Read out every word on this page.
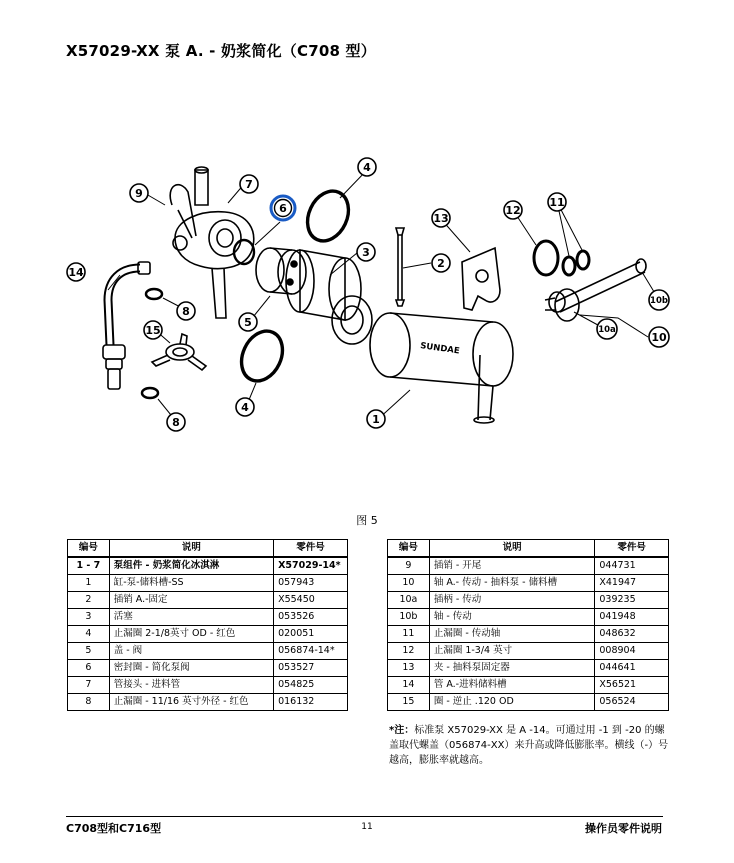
X57029-XX 泵 A. - 奶浆简化（C708 型）
SUNDAE
1
2
3
4
4
5
6
7
8
8
9
10
10a
10b
11
12
13
14
15
图 5
编号	说明	零件号
1 - 7	泵组件 - 奶浆简化冰淇淋	X57029-14*
1	缸-泵-储料槽-SS	057943
2	插销 A.-固定	X55450
3	活塞	053526
4	止漏圈 2-1/8英寸 OD - 红色	020051
5	盖 - 阀	056874-14*
6	密封圈 - 简化泵阀	053527
7	管接头 - 进料管	054825
8	止漏圈 - 11/16 英寸外径 - 红色	016132
编号	说明	零件号
9	插销 - 开尾	044731
10	轴 A.- 传动 - 抽料泵 - 储料槽	X41947
10a	插柄 - 传动	039235
10b	轴 - 传动	041948
11	止漏圈 - 传动轴	048632
12	止漏圈 1-3/4 英寸	008904
13	夹 - 抽料泵固定器	044641
14	管 A.-进料储料槽	X56521
15	圈 - 逆止 .120 OD	056524
*注：标准泵 X57029-XX 是 A -14。可通过用 -1 到 -20 的螺盖取代螺盖（056874-XX）来升高或降低膨胀率。横线（-）号越高，膨胀率就越高。
C708型和C716型	11	操作员零件说明
